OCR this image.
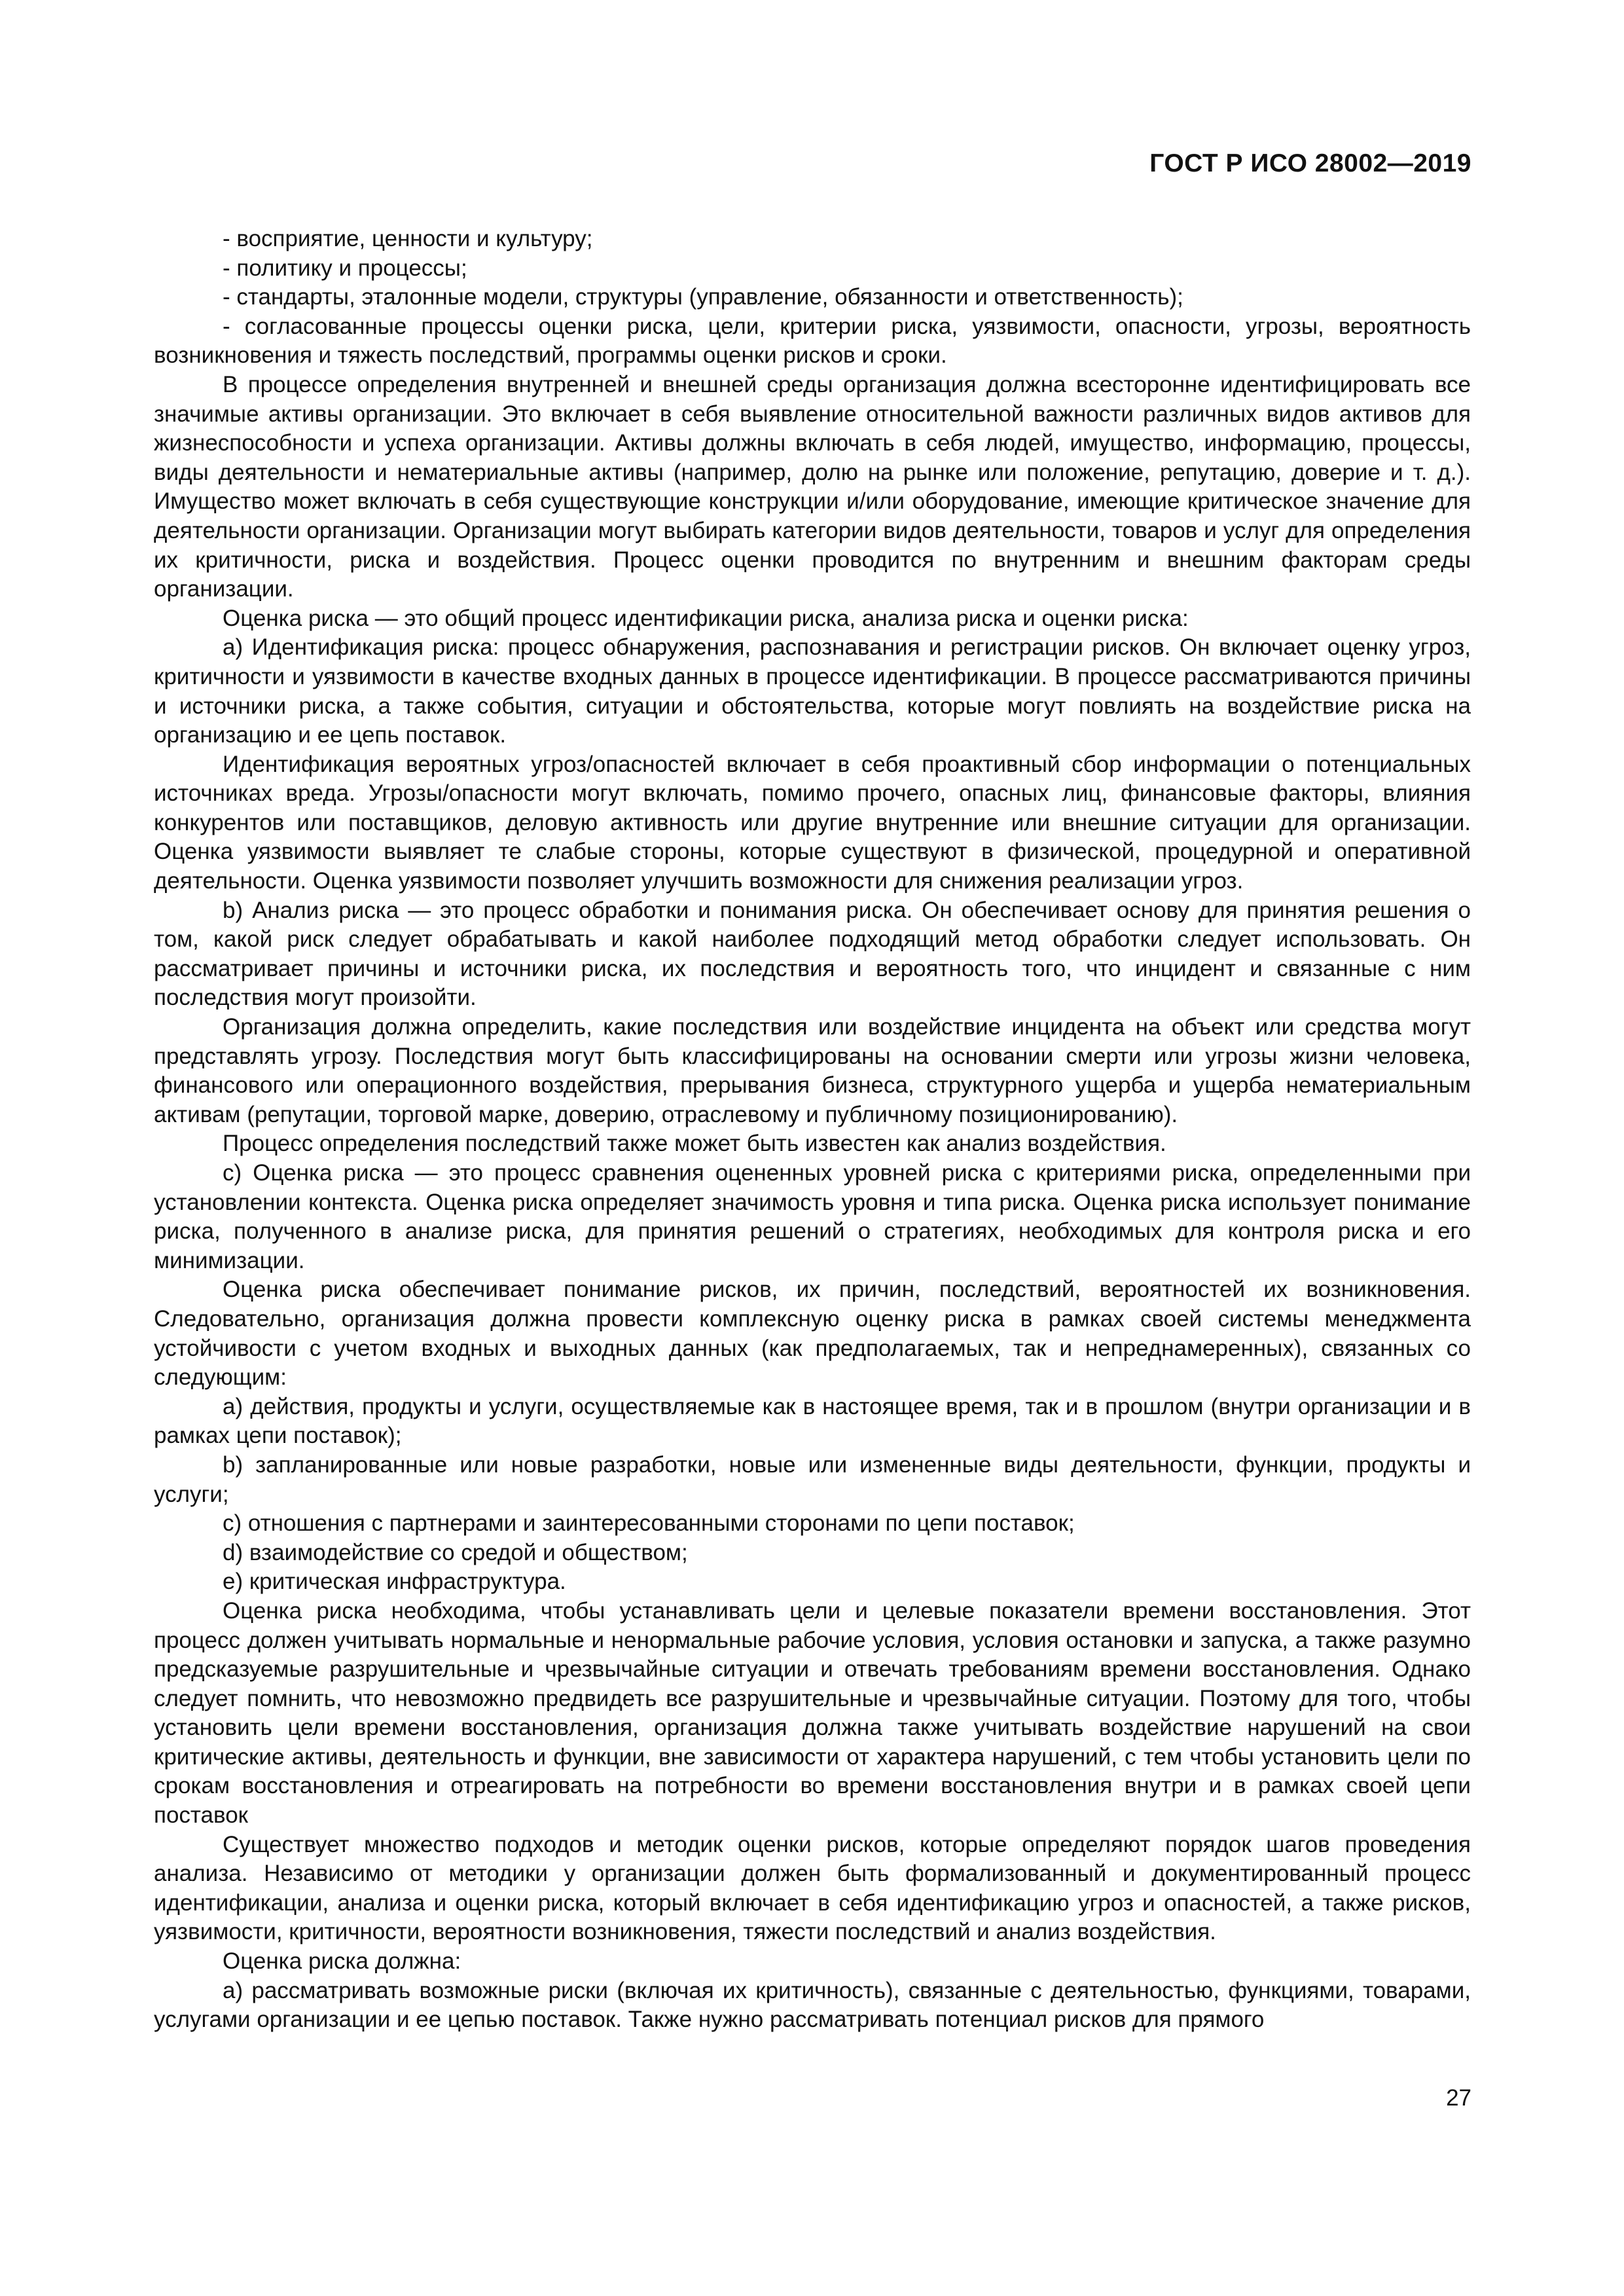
ГОСТ Р ИСО 28002—2019

- восприятие, ценности и культуру;

- политику и процессы;

- стандарты, эталонные модели, структуры (управление, обязанности и ответственность);

- согласованные процессы оценки риска, цели, критерии риска, уязвимости, опасности, угрозы, вероятность возникновения и тяжесть последствий, программы оценки рисков и сроки.

В процессе определения внутренней и внешней среды организация должна всесторонне идентифицировать все значимые активы организации. Это включает в себя выявление относительной важности различных видов активов для жизнеспособности и успеха организации. Активы должны включать в себя людей, имущество, информацию, процессы, виды деятельности и нематериальные активы (например, долю на рынке или положение, репутацию, доверие и т. д.). Имущество может включать в себя существующие конструкции и/или оборудование, имеющие критическое значение для деятельности организации. Организации могут выбирать категории видов деятельности, товаров и услуг для определения их критичности, риска и воздействия. Процесс оценки проводится по внутренним и внешним факторам среды организации.

Оценка риска — это общий процесс идентификации риска, анализа риска и оценки риска:

a) Идентификация риска: процесс обнаружения, распознавания и регистрации рисков. Он включает оценку угроз, критичности и уязвимости в качестве входных данных в процессе идентификации. В процессе рассматриваются причины и источники риска, а также события, ситуации и обстоятельства, которые могут повлиять на воздействие риска на организацию и ее цепь поставок.

Идентификация вероятных угроз/опасностей включает в себя проактивный сбор информации о потенциальных источниках вреда. Угрозы/опасности могут включать, помимо прочего, опасных лиц, финансовые факторы, влияния конкурентов или поставщиков, деловую активность или другие внутренние или внешние ситуации для организации. Оценка уязвимости выявляет те слабые стороны, которые существуют в физической, процедурной и оперативной деятельности. Оценка уязвимости позволяет улучшить возможности для снижения реализации угроз.

b) Анализ риска — это процесс обработки и понимания риска. Он обеспечивает основу для принятия решения о том, какой риск следует обрабатывать и какой наиболее подходящий метод обработки следует использовать. Он рассматривает причины и источники риска, их последствия и вероятность того, что инцидент и связанные с ним последствия могут произойти.

Организация должна определить, какие последствия или воздействие инцидента на объект или средства могут представлять угрозу. Последствия могут быть классифицированы на основании смерти или угрозы жизни человека, финансового или операционного воздействия, прерывания бизнеса, структурного ущерба и ущерба нематериальным активам (репутации, торговой марке, доверию, отраслевому и публичному позиционированию).

Процесс определения последствий также может быть известен как анализ воздействия.

c) Оценка риска — это процесс сравнения оцененных уровней риска с критериями риска, определенными при установлении контекста. Оценка риска определяет значимость уровня и типа риска. Оценка риска использует понимание риска, полученного в анализе риска, для принятия решений о стратегиях, необходимых для контроля риска и его минимизации.

Оценка риска обеспечивает понимание рисков, их причин, последствий, вероятностей их возникновения. Следовательно, организация должна провести комплексную оценку риска в рамках своей системы менеджмента устойчивости с учетом входных и выходных данных (как предполагаемых, так и непреднамеренных), связанных со следующим:

a) действия, продукты и услуги, осуществляемые как в настоящее время, так и в прошлом (внутри организации и в рамках цепи поставок);

b) запланированные или новые разработки, новые или измененные виды деятельности, функции, продукты и услуги;

c) отношения с партнерами и заинтересованными сторонами по цепи поставок;

d) взаимодействие со средой и обществом;

e) критическая инфраструктура.

Оценка риска необходима, чтобы устанавливать цели и целевые показатели времени восстановления. Этот процесс должен учитывать нормальные и ненормальные рабочие условия, условия остановки и запуска, а также разумно предсказуемые разрушительные и чрезвычайные ситуации и отвечать требованиям времени восстановления. Однако следует помнить, что невозможно предвидеть все разрушительные и чрезвычайные ситуации. Поэтому для того, чтобы установить цели времени восстановления, организация должна также учитывать воздействие нарушений на свои критические активы, деятельность и функции, вне зависимости от характера нарушений, с тем чтобы установить цели по срокам восстановления и отреагировать на потребности во времени восстановления внутри и в рамках своей цепи поставок

Существует множество подходов и методик оценки рисков, которые определяют порядок шагов проведения анализа. Независимо от методики у организации должен быть формализованный и документированный процесс идентификации, анализа и оценки риска, который включает в себя идентификацию угроз и опасностей, а также рисков, уязвимости, критичности, вероятности возникновения, тяжести последствий и анализ воздействия.

Оценка риска должна:

a) рассматривать возможные риски (включая их критичность), связанные с деятельностью, функциями, товарами, услугами организации и ее цепью поставок. Также нужно рассматривать потенциал рисков для прямого

27
